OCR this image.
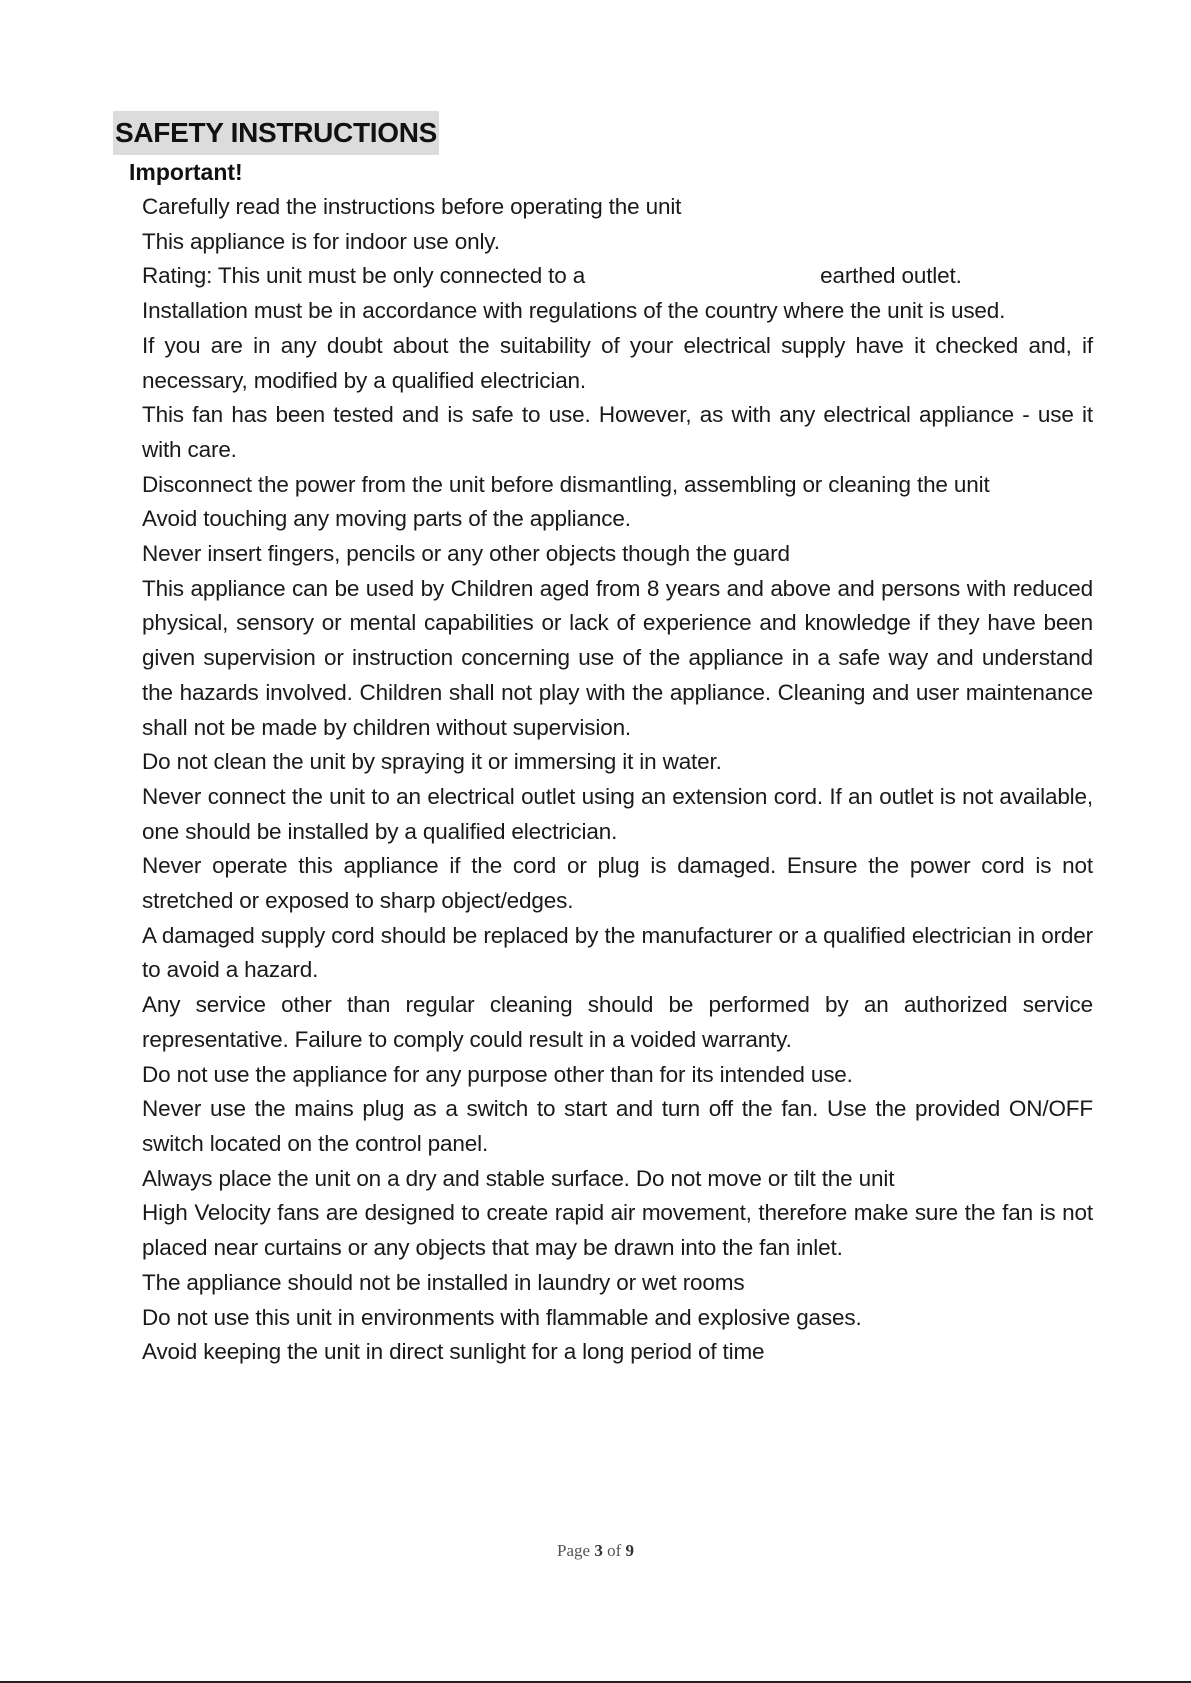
SAFETY INSTRUCTIONS
Important!
Carefully read the instructions before operating the unit
This appliance is for indoor use only.
Rating: This unit must be only connected to a	earthed outlet.
Installation must be in accordance with regulations of the country where the unit is used.
If you are in any doubt about the suitability of your electrical supply have it checked and, if necessary, modified by a qualified electrician.
This fan has been tested and is safe to use. However, as with any electrical appliance - use it with care.
Disconnect the power from the unit before dismantling, assembling or cleaning the unit
Avoid touching any moving parts of the appliance.
Never insert fingers, pencils or any other objects though the guard
This appliance can be used by Children aged from 8 years and above and persons with reduced physical, sensory or mental capabilities or lack of experience and knowledge if they have been given supervision or instruction concerning use of the appliance in a safe way and understand the hazards involved. Children shall not play with the appliance. Cleaning and user maintenance shall not be made by children without supervision.
Do not clean the unit by spraying it or immersing it in water.
Never connect the unit to an electrical outlet using an extension cord. If an outlet is not available, one should be installed by a qualified electrician.
Never operate this appliance if the cord or plug is damaged. Ensure the power cord is not stretched or exposed to sharp object/edges.
A damaged supply cord should be replaced by the manufacturer or a qualified electrician in order to avoid a hazard.
Any service other than regular cleaning should be performed by an authorized service representative. Failure to comply could result in a voided warranty.
Do not use the appliance for any purpose other than for its intended use.
Never use the mains plug as a switch to start and turn off the fan. Use the provided ON/OFF switch located on the control panel.
Always place the unit on a dry and stable surface. Do not move or tilt the unit
High Velocity fans are designed to create rapid air movement, therefore make sure the fan is not placed near curtains or any objects that may be drawn into the fan inlet.
The appliance should not be installed in laundry or wet rooms
Do not use this unit in environments with flammable and explosive gases.
Avoid keeping the unit in direct sunlight for a long period of time
Page 3 of 9
